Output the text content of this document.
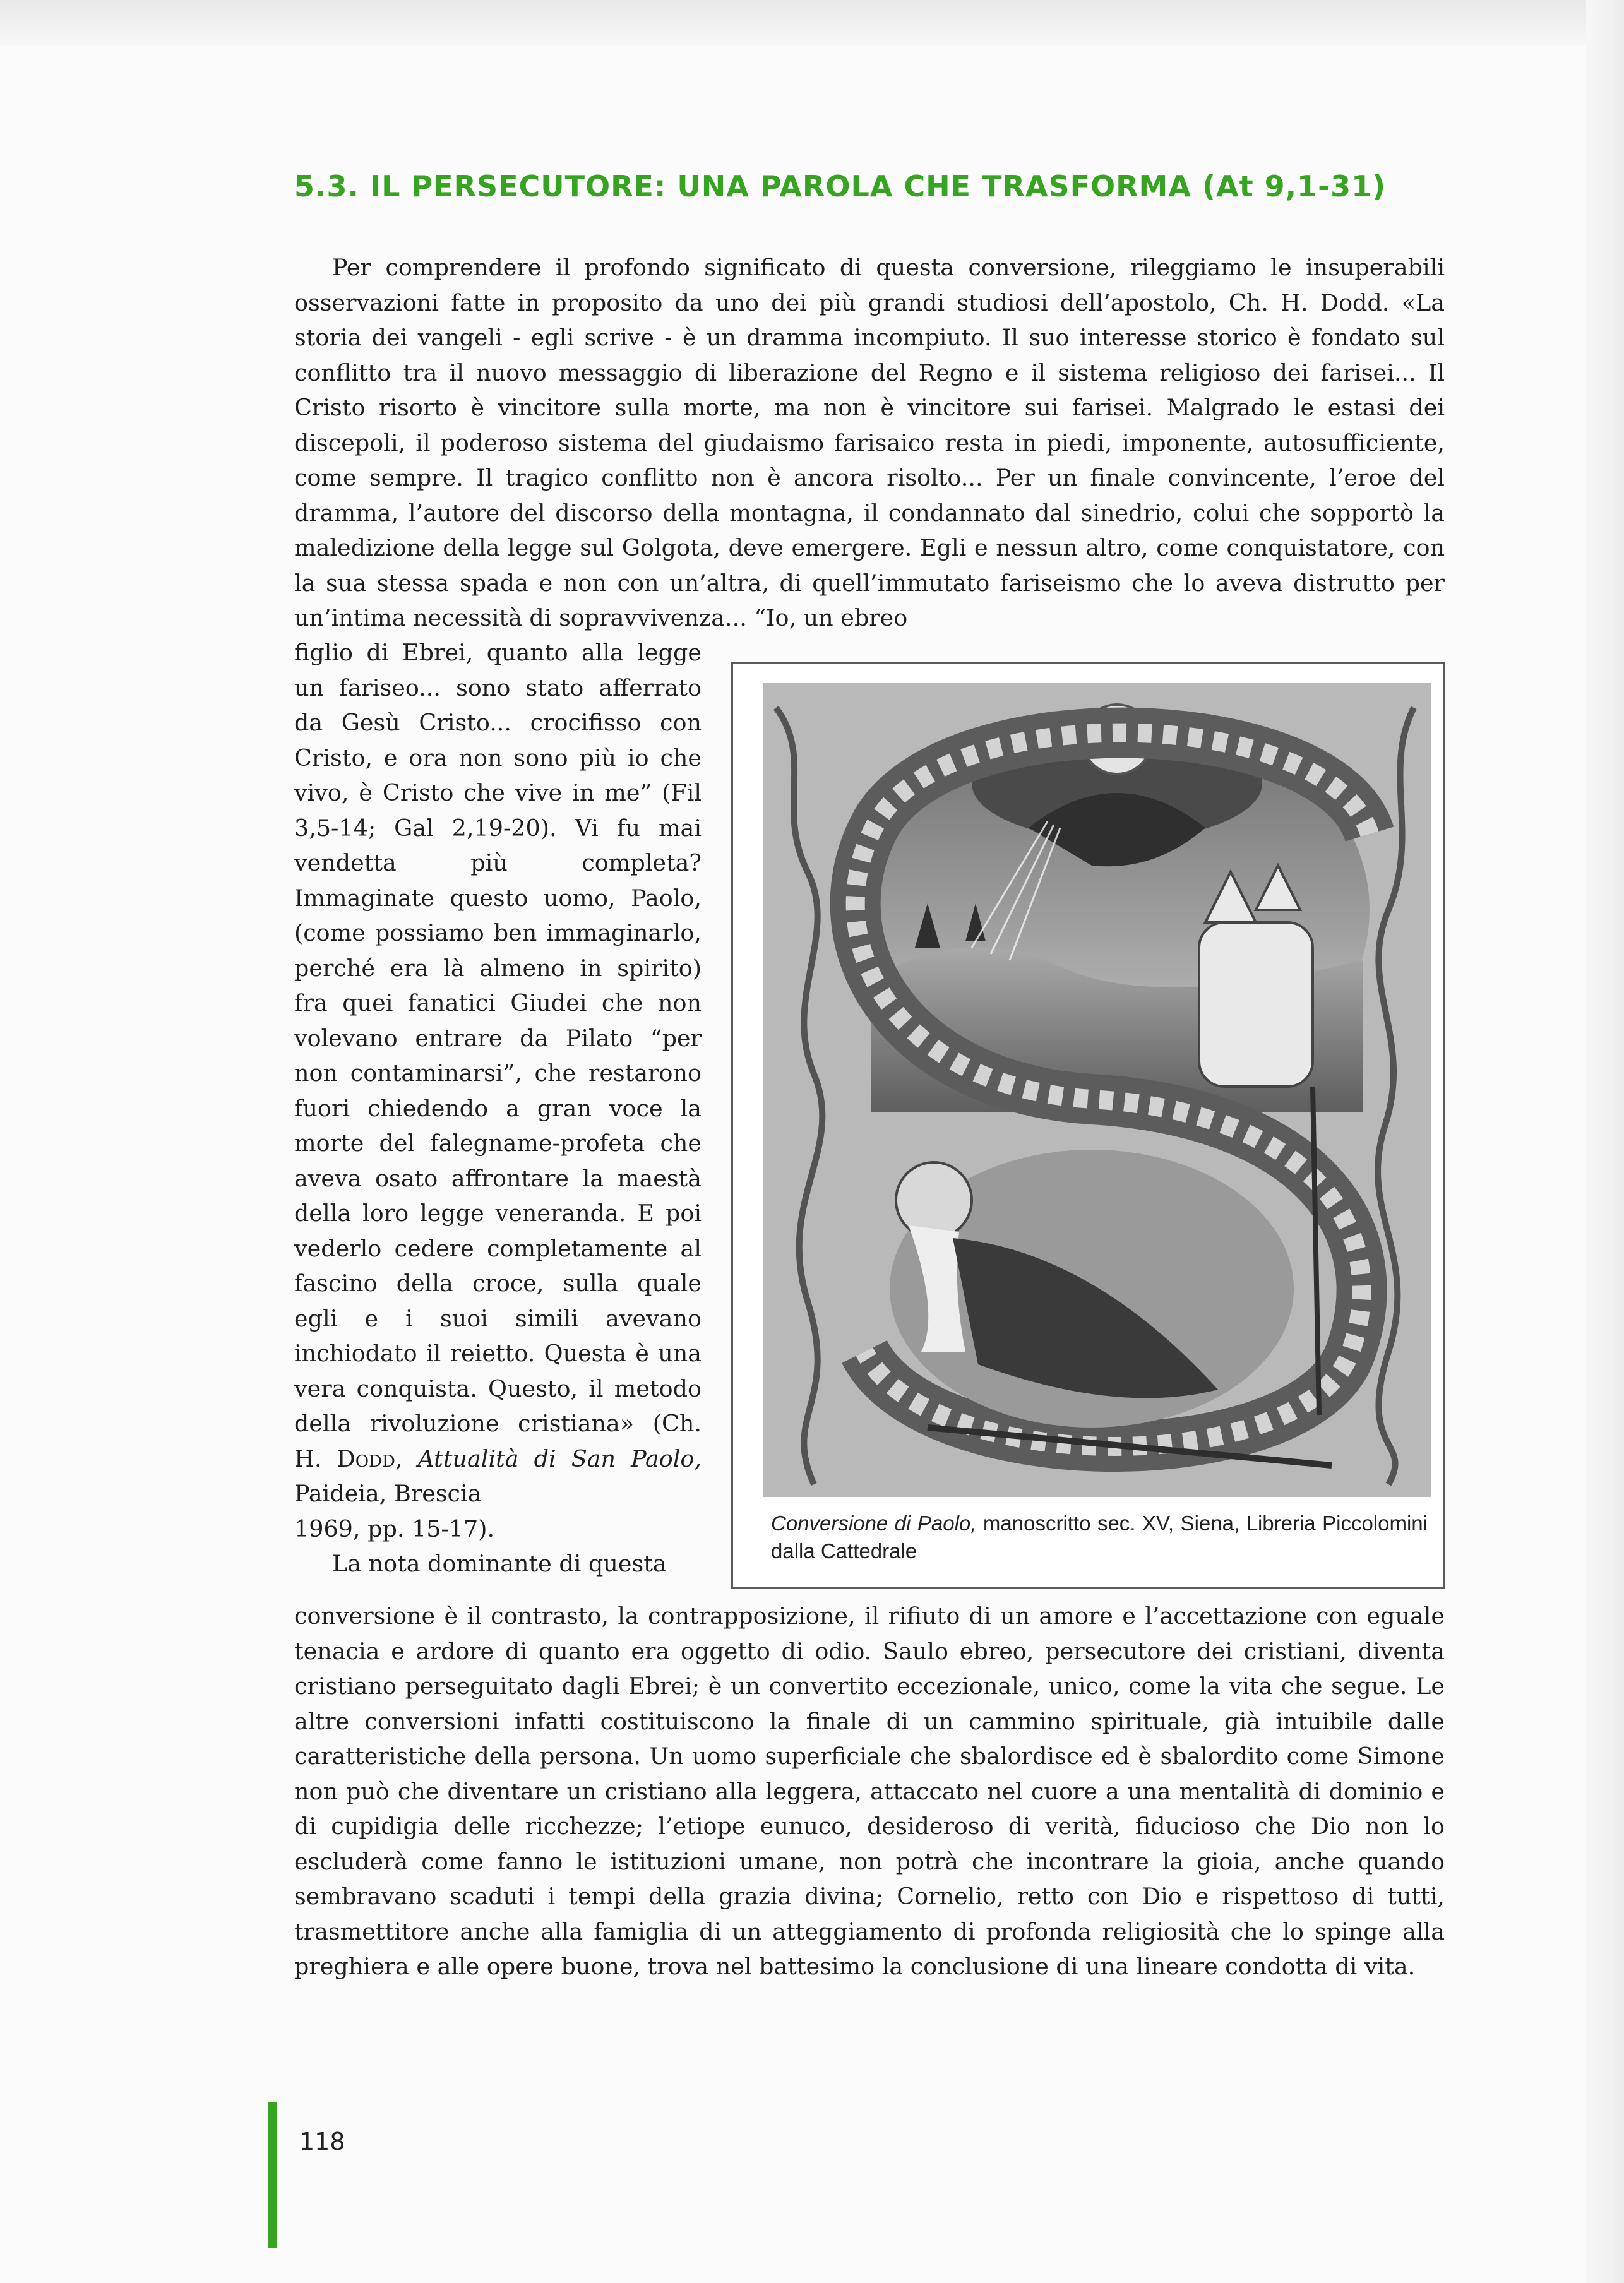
5.3. IL PERSECUTORE: UNA PAROLA CHE TRASFORMA (At 9,1-31)

Per comprendere il profondo significato di questa conversione, rileggiamo le insuperabili osservazioni fatte in proposito da uno dei più grandi studiosi dell’apostolo, Ch. H. Dodd. «La storia dei vangeli - egli scrive - è un dramma incompiuto. Il suo interesse storico è fondato sul conflitto tra il nuovo messaggio di liberazione del Regno e il sistema religioso dei farisei... Il Cristo risorto è vincitore sulla morte, ma non è vincitore sui farisei. Malgrado le estasi dei discepoli, il poderoso sistema del giudaismo farisaico resta in piedi, imponente, autosufficiente, come sempre. Il tragico conflitto non è ancora risolto... Per un finale convincente, l’eroe del dramma, l’autore del discorso della montagna, il condannato dal sinedrio, colui che sopportò la maledizione della legge sul Golgota, deve emergere. Egli e nessun altro, come conquistatore, con la sua stessa spada e non con un’altra, di quell’immutato fariseismo che lo aveva distrutto per un’intima necessità di sopravvivenza... “Io, un ebreo

figlio di Ebrei, quanto alla legge un fariseo... sono stato afferrato da Gesù Cristo... crocifisso con Cristo, e ora non sono più io che vivo, è Cristo che vive in me” (Fil 3,5-14; Gal 2,19-20). Vi fu mai vendetta più completa? Immaginate questo uomo, Paolo, (come possiamo ben immaginarlo, perché era là almeno in spirito) fra quei fanatici Giudei che non volevano entrare da Pilato “per non contaminarsi”, che restarono fuori chiedendo a gran voce la morte del falegname-profeta che aveva osato affrontare la maestà della loro legge veneranda. E poi vederlo cedere completamente al fascino della croce, sulla quale egli e i suoi simili avevano inchiodato il reietto. Questa è una vera conquista. Questo, il metodo della rivoluzione cristiana» (Ch. H. Dodd, Attualità di San Paolo, Paideia, Brescia
1969, pp. 15-17).
La nota dominante di questa

Conversione di Paolo, manoscritto sec. XV, Siena, Libreria Piccolomini dalla Cattedrale

conversione è il contrasto, la contrapposizione, il rifiuto di un amore e l’accettazione con eguale tenacia e ardore di quanto era oggetto di odio. Saulo ebreo, persecutore dei cristiani, diventa cristiano perseguitato dagli Ebrei; è un convertito eccezionale, unico, come la vita che segue. Le altre conversioni infatti costituiscono la finale di un cammino spirituale, già intuibile dalle caratteristiche della persona. Un uomo superficiale che sbalordisce ed è sbalordito come Simone non può che diventare un cristiano alla leggera, attaccato nel cuore a una mentalità di dominio e di cupidigia delle ricchezze; l’etiope eunuco, desideroso di verità, fiducioso che Dio non lo escluderà come fanno le istituzioni umane, non potrà che incontrare la gioia, anche quando sembravano scaduti i tempi della grazia divina; Cornelio, retto con Dio e rispettoso di tutti, trasmettitore anche alla famiglia di un atteggiamento di profonda religiosità che lo spinge alla preghiera e alle opere buone, trova nel battesimo la conclusione di una lineare condotta di vita.

118
